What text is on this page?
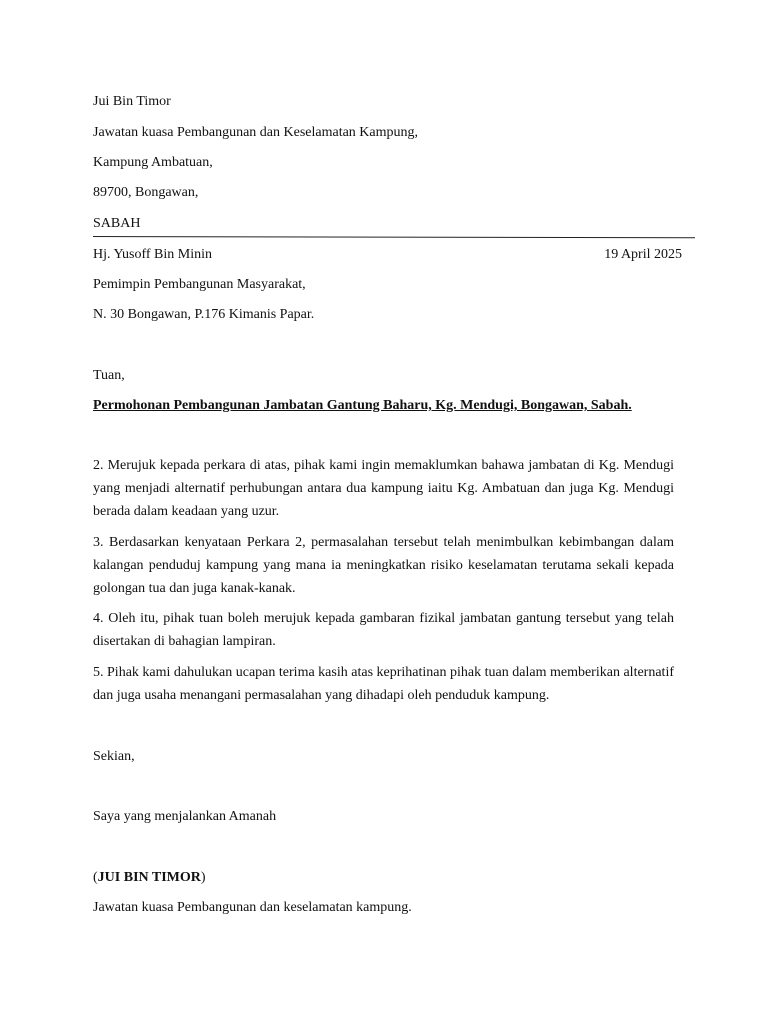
Jui Bin Timor
Jawatan kuasa Pembangunan dan Keselamatan Kampung,
Kampung Ambatuan,
89700, Bongawan,
SABAH
Hj. Yusoff Bin Minin	19 April 2025
Pemimpin Pembangunan Masyarakat,
N. 30 Bongawan, P.176 Kimanis Papar.
Tuan,
Permohonan Pembangunan Jambatan Gantung Baharu, Kg. Mendugi, Bongawan, Sabah.
2. Merujuk kepada perkara di atas, pihak kami ingin memaklumkan bahawa jambatan di Kg. Mendugi yang menjadi alternatif perhubungan antara dua kampung iaitu Kg. Ambatuan dan juga Kg. Mendugi berada dalam keadaan yang uzur.
3. Berdasarkan kenyataan Perkara 2, permasalahan tersebut telah menimbulkan kebimbangan dalam kalangan penduduj kampung yang mana ia meningkatkan risiko keselamatan terutama sekali kepada golongan tua dan juga kanak-kanak.
4. Oleh itu, pihak tuan boleh merujuk kepada gambaran fizikal jambatan gantung tersebut yang telah disertakan di bahagian lampiran.
5. Pihak kami dahulukan ucapan terima kasih atas keprihatinan pihak tuan dalam memberikan alternatif dan juga usaha menangani permasalahan yang dihadapi oleh penduduk kampung.
Sekian,
Saya yang menjalankan Amanah
(JUI BIN TIMOR)
Jawatan kuasa Pembangunan dan keselamatan kampung.
